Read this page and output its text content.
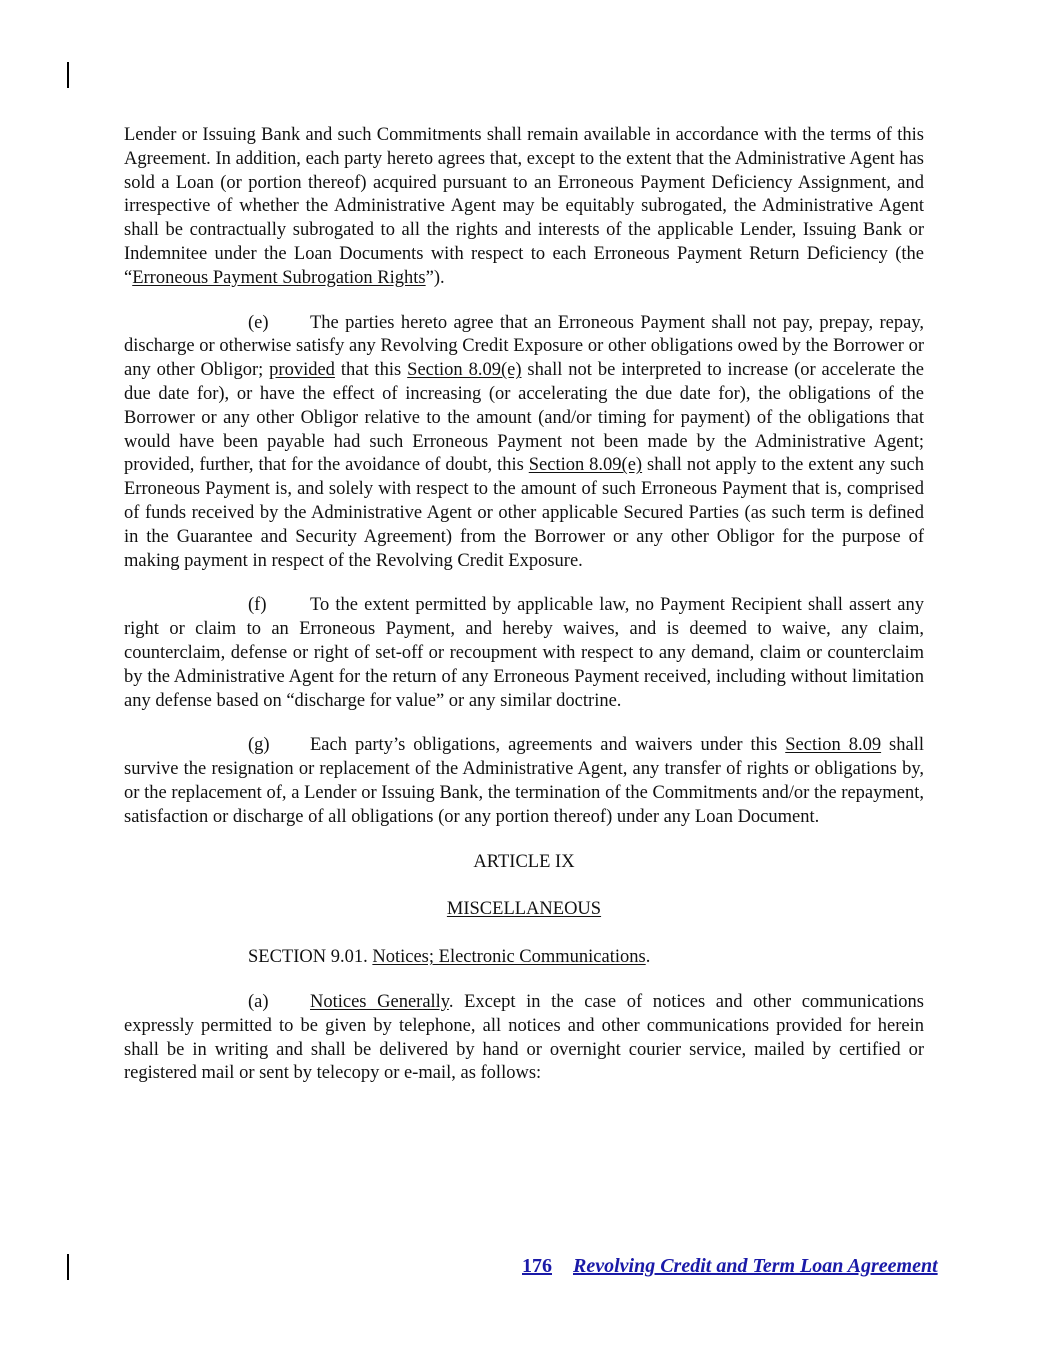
Lender or Issuing Bank and such Commitments shall remain available in accordance with the terms of this Agreement. In addition, each party hereto agrees that, except to the extent that the Administrative Agent has sold a Loan (or portion thereof) acquired pursuant to an Erroneous Payment Deficiency Assignment, and irrespective of whether the Administrative Agent may be equitably subrogated, the Administrative Agent shall be contractually subrogated to all the rights and interests of the applicable Lender, Issuing Bank or Indemnitee under the Loan Documents with respect to each Erroneous Payment Return Deficiency (the “Erroneous Payment Subrogation Rights”).

(e) The parties hereto agree that an Erroneous Payment shall not pay, prepay, repay, discharge or otherwise satisfy any Revolving Credit Exposure or other obligations owed by the Borrower or any other Obligor; provided that this Section 8.09(e) shall not be interpreted to increase (or accelerate the due date for), or have the effect of increasing (or accelerating the due date for), the obligations of the Borrower or any other Obligor relative to the amount (and/or timing for payment) of the obligations that would have been payable had such Erroneous Payment not been made by the Administrative Agent; provided, further, that for the avoidance of doubt, this Section 8.09(e) shall not apply to the extent any such Erroneous Payment is, and solely with respect to the amount of such Erroneous Payment that is, comprised of funds received by the Administrative Agent or other applicable Secured Parties (as such term is defined in the Guarantee and Security Agreement) from the Borrower or any other Obligor for the purpose of making payment in respect of the Revolving Credit Exposure.

(f) To the extent permitted by applicable law, no Payment Recipient shall assert any right or claim to an Erroneous Payment, and hereby waives, and is deemed to waive, any claim, counterclaim, defense or right of set-off or recoupment with respect to any demand, claim or counterclaim by the Administrative Agent for the return of any Erroneous Payment received, including without limitation any defense based on “discharge for value” or any similar doctrine.

(g) Each party’s obligations, agreements and waivers under this Section 8.09 shall survive the resignation or replacement of the Administrative Agent, any transfer of rights or obligations by, or the replacement of, a Lender or Issuing Bank, the termination of the Commitments and/or the repayment, satisfaction or discharge of all obligations (or any portion thereof) under any Loan Document.

ARTICLE IX

MISCELLANEOUS

SECTION 9.01. Notices; Electronic Communications.

(a) Notices Generally. Except in the case of notices and other communications expressly permitted to be given by telephone, all notices and other communications provided for herein shall be in writing and shall be delivered by hand or overnight courier service, mailed by certified or registered mail or sent by telecopy or e-mail, as follows:

176 Revolving Credit and Term Loan Agreement
